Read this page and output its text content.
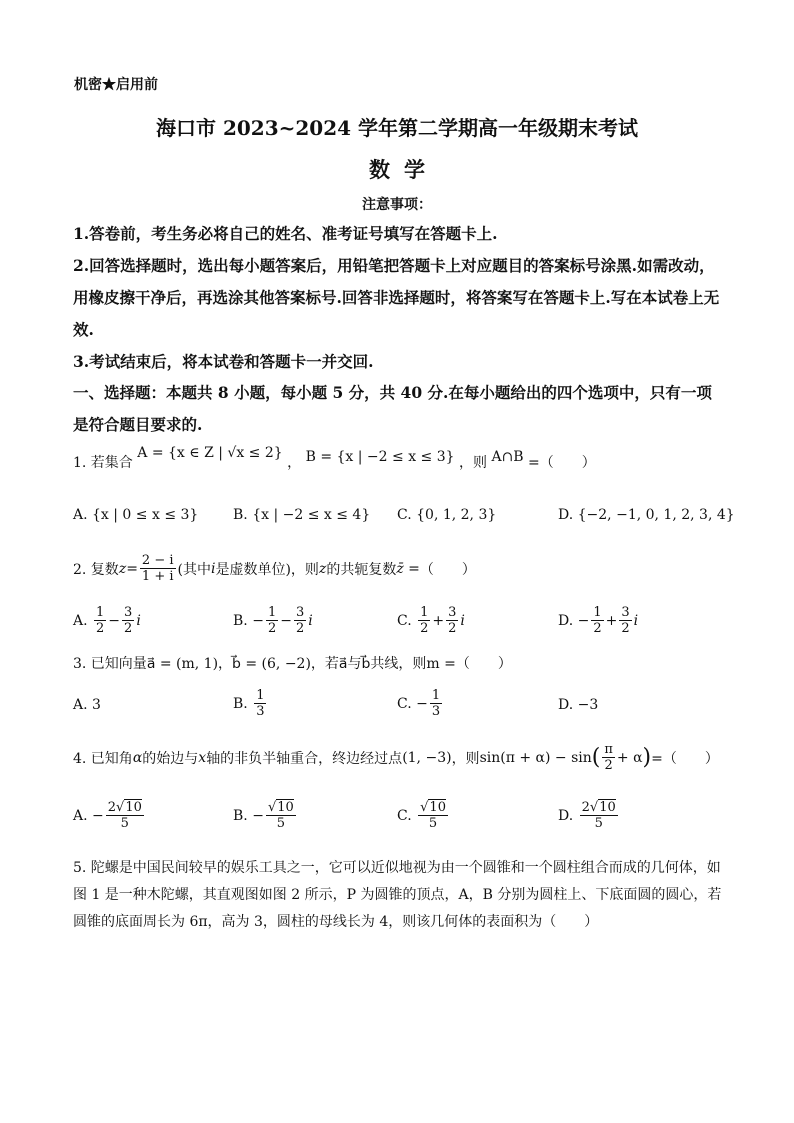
机密★启用前
海口市 2023~2024 学年第二学期高一年级期末考试
数学
注意事项：
1.答卷前，考生务必将自己的姓名、准考证号填写在答题卡上.
2.回答选择题时，选出每小题答案后，用铅笔把答题卡上对应题目的答案标号涂黑.如需改动，用橡皮擦干净后，再选涂其他答案标号.回答非选择题时，将答案写在答题卡上.写在本试卷上无效.
3.考试结束后，将本试卷和答题卡一并交回.
一、选择题：本题共 8 小题，每小题 5 分，共 40 分.在每小题给出的四个选项中，只有一项是符合题目要求的.
1. 若集合 A = {x ∈ Z | √x ≤ 2} ， B = {x | −2 ≤ x ≤ 3} ，则 A∩B =（　　）
A. {x | 0 ≤ x ≤ 3} B. {x | −2 ≤ x ≤ 4} C. {0, 1, 2, 3}	D. {−2, −1, 0, 1, 2, 3, 4}
2. 复数 $z= \frac{2 - i}{1 + i}$ (其中 i 是虚数单位)，则 z 的共轭复数 z̄ = （　　）
A.
$\frac{1}{2} - \frac{3}{2}$ i	B.
− $\frac{1}{2} - \frac{3}{2}$ i	C.
$\frac{1}{2} + \frac{3}{2}$ i	D.
− $\frac{1}{2} + \frac{3}{2}$ i
3. 已知向量a⃗ = (m, 1)，b⃗ = (6, −2)，若a⃗与b⃗共线，则m =（　　）
A. 3	B.
$\frac{1}{3}$	C.
− $\frac{1}{3}$	D. −3
4. 已知角 α 的始边与 x 轴的非负半轴重合，终边经过点 (1, −3) ，则 sin(π + α) − sin ( $\frac{\pi}{2} + \alpha$ ) =（　　）
A.
− $\frac{2√10}{5}$	B.
− $\frac{√10}{5}$	C.
$\frac{√10}{5}$	D.
$\frac{2√10}{5}$
5. 陀螺是中国民间较早的娱乐工具之一，它可以近似地视为由一个圆锥和一个圆柱组合而成的几何体，如图 1 是一种木陀螺，其直观图如图 2 所示，P 为圆锥的顶点，A，B 分别为圆柱上、下底面圆的圆心，若圆锥的底面周长为 6π，高为 3，圆柱的母线长为 4，则该几何体的表面积为（　　）
